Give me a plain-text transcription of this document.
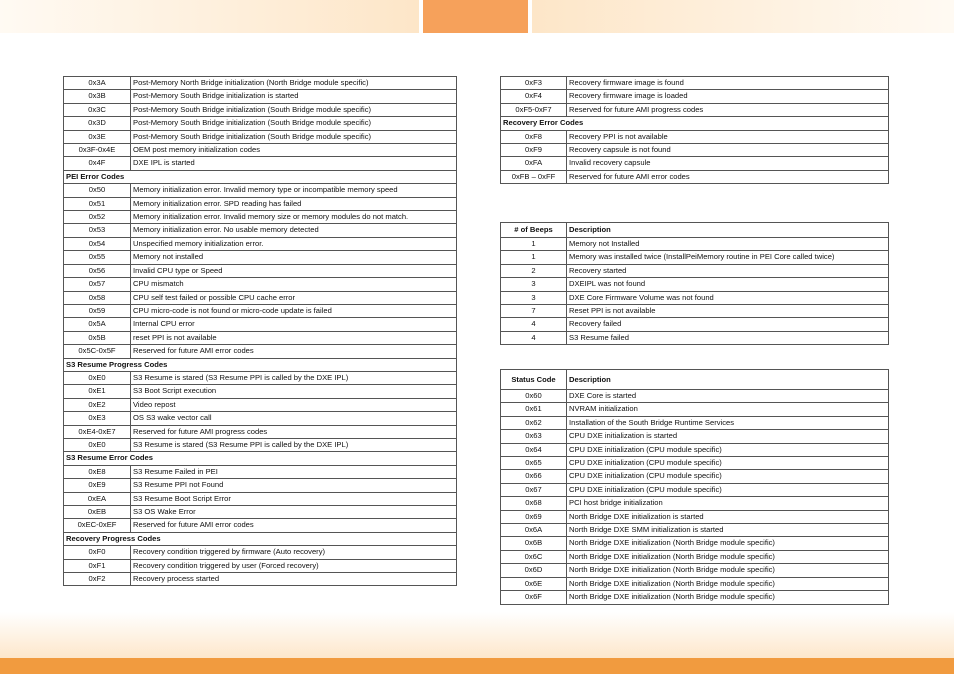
0x3A	Post-Memory North Bridge initialization (North Bridge module specific)
0x3B	Post-Memory South Bridge initialization is started
0x3C	Post-Memory South Bridge initialization (South Bridge module specific)
0x3D	Post-Memory South Bridge initialization (South Bridge module specific)
0x3E	Post-Memory South Bridge initialization (South Bridge module specific)
0x3F-0x4E	OEM post memory initialization codes
0x4F	DXE IPL is started
PEI Error Codes	
0x50	Memory initialization error. Invalid memory type or incompatible memory speed
0x51	Memory initialization error. SPD reading has failed
0x52	Memory initialization error. Invalid memory size or memory modules do not match.
0x53	Memory initialization error. No usable memory detected
0x54	Unspecified memory initialization error.
0x55	Memory not installed
0x56	Invalid CPU type or Speed
0x57	CPU mismatch
0x58	CPU self test failed or possible CPU cache error
0x59	CPU micro-code is not found or micro-code update is failed
0x5A	Internal CPU error
0x5B	reset PPI is not available
0x5C-0x5F	Reserved for future AMI error codes
S3 Resume Progress Codes	
0xE0	S3 Resume is stared (S3 Resume PPI is called by the DXE IPL)
0xE1	S3 Boot Script execution
0xE2	Video repost
0xE3	OS S3 wake vector call
0xE4-0xE7	Reserved for future AMI progress codes
0xE0	S3 Resume is stared (S3 Resume PPI is called by the DXE IPL)
S3 Resume Error Codes	
0xE8	S3 Resume Failed in PEI
0xE9	S3 Resume PPI not Found
0xEA	S3 Resume Boot Script Error
0xEB	S3 OS Wake Error
0xEC-0xEF	Reserved for future AMI error codes
Recovery Progress Codes	
0xF0	Recovery condition triggered by firmware (Auto recovery)
0xF1	Recovery condition triggered by user (Forced recovery)
0xF2	Recovery process started
0xF3	Recovery firmware image is found
0xF4	Recovery firmware image is loaded
0xF5-0xF7	Reserved for future AMI progress codes
Recovery Error Codes	
0xF8	Recovery PPI is not available
0xF9	Recovery capsule is not found
0xFA	Invalid recovery capsule
0xFB – 0xFF	Reserved for future AMI error codes
# of Beeps	Description
1	Memory not Installed
1	Memory was installed twice (InstallPeiMemory routine in PEI Core called twice)
2	Recovery started
3	DXEIPL was not found
3	DXE Core Firmware Volume was not found
7	Reset PPI is not available
4	Recovery failed
4	S3 Resume failed
Status Code	Description
0x60	DXE Core is started
0x61	NVRAM initialization
0x62	Installation of the South Bridge Runtime Services
0x63	CPU DXE initialization is started
0x64	CPU DXE initialization (CPU module specific)
0x65	CPU DXE initialization (CPU module specific)
0x66	CPU DXE initialization (CPU module specific)
0x67	CPU DXE initialization (CPU module specific)
0x68	PCI host bridge initialization
0x69	North Bridge DXE initialization is started
0x6A	North Bridge DXE SMM initialization is started
0x6B	North Bridge DXE initialization (North Bridge module specific)
0x6C	North Bridge DXE initialization (North Bridge module specific)
0x6D	North Bridge DXE initialization (North Bridge module specific)
0x6E	North Bridge DXE initialization (North Bridge module specific)
0x6F	North Bridge DXE initialization (North Bridge module specific)
